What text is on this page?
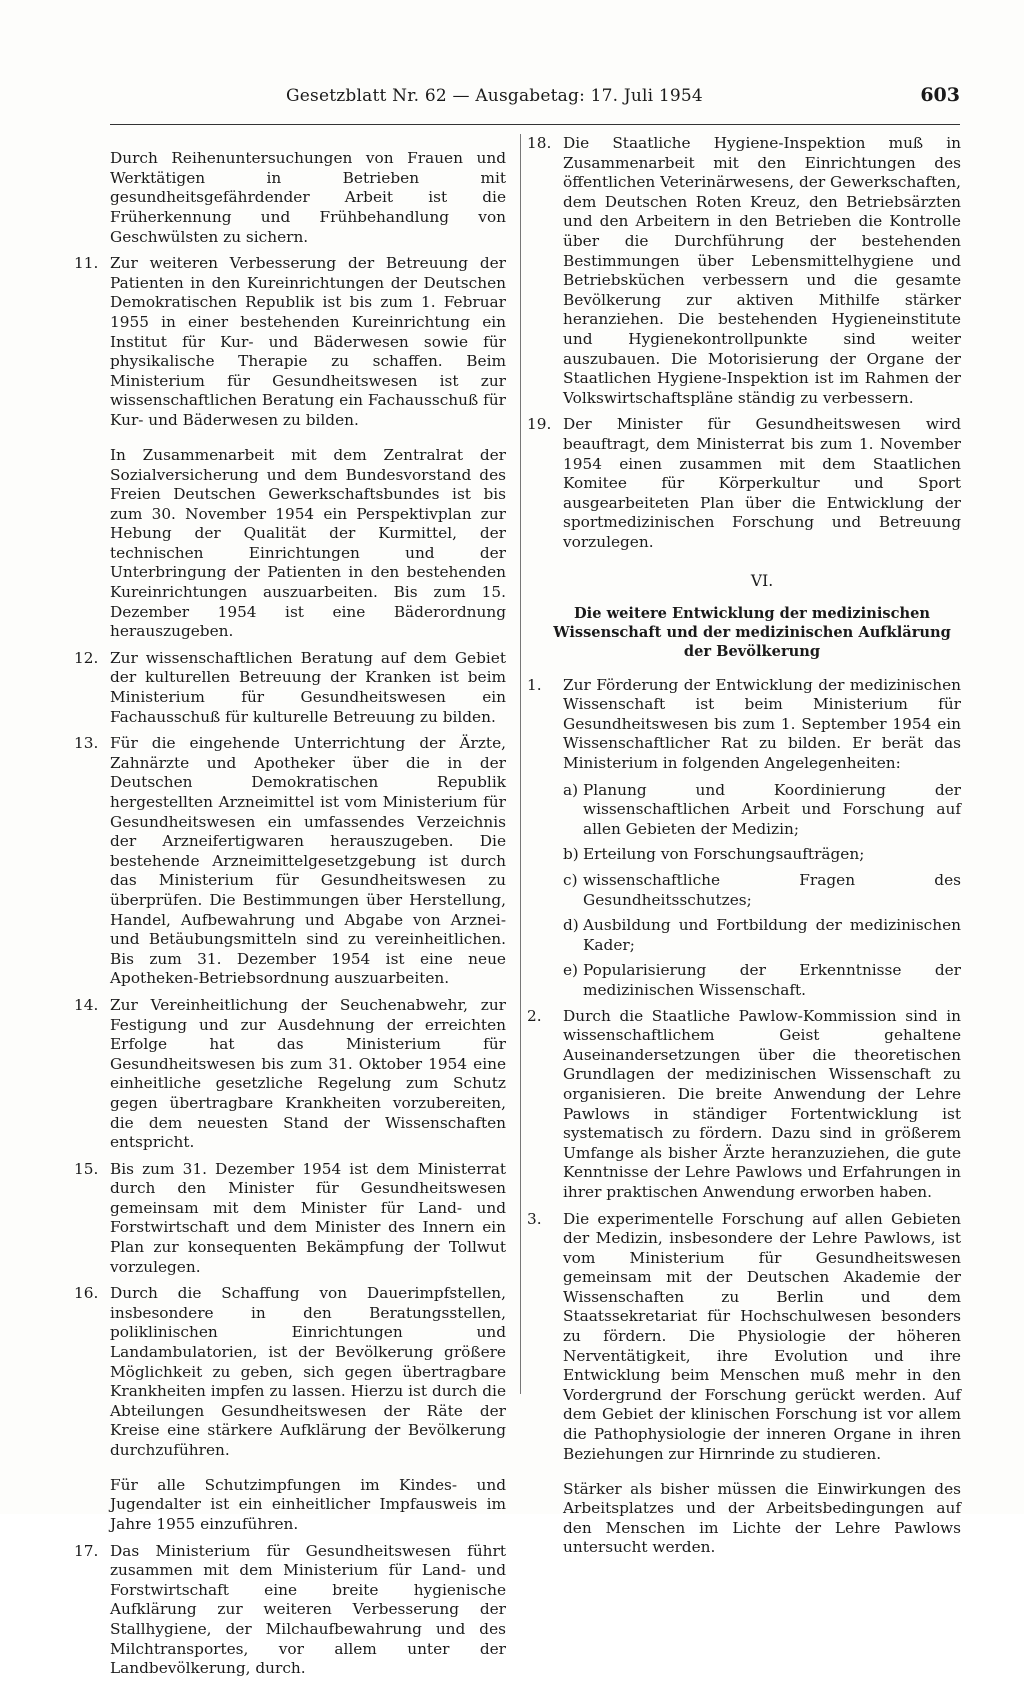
Gesetzblatt Nr. 62 — Ausgabetag: 17. Juli 1954	603

Durch Reihenuntersuchungen von Frauen und Werktätigen in Betrieben mit gesundheitsgefährdender Arbeit ist die Früherkennung und Frühbehandlung von Geschwülsten zu sichern.

11. Zur weiteren Verbesserung der Betreuung der Patienten in den Kureinrichtungen der Deutschen Demokratischen Republik ist bis zum 1. Februar 1955 in einer bestehenden Kureinrichtung ein Institut für Kur- und Bäderwesen sowie für physikalische Therapie zu schaffen. Beim Ministerium für Gesundheitswesen ist zur wissenschaftlichen Beratung ein Fachausschuß für Kur- und Bäderwesen zu bilden.

In Zusammenarbeit mit dem Zentralrat der Sozialversicherung und dem Bundesvorstand des Freien Deutschen Gewerkschaftsbundes ist bis zum 30. November 1954 ein Perspektivplan zur Hebung der Qualität der Kurmittel, der technischen Einrichtungen und der Unterbringung der Patienten in den bestehenden Kureinrichtungen auszuarbeiten. Bis zum 15. Dezember 1954 ist eine Bäderordnung herauszugeben.

12. Zur wissenschaftlichen Beratung auf dem Gebiet der kulturellen Betreuung der Kranken ist beim Ministerium für Gesundheitswesen ein Fachausschuß für kulturelle Betreuung zu bilden.
13. Für die eingehende Unterrichtung der Ärzte, Zahnärzte und Apotheker über die in der Deutschen Demokratischen Republik hergestellten Arzneimittel ist vom Ministerium für Gesundheitswesen ein umfassendes Verzeichnis der Arzneifertigwaren herauszugeben. Die bestehende Arzneimittelgesetzgebung ist durch das Ministerium für Gesundheitswesen zu überprüfen. Die Bestimmungen über Herstellung, Handel, Aufbewahrung und Abgabe von Arznei- und Betäubungsmitteln sind zu vereinheitlichen. Bis zum 31. Dezember 1954 ist eine neue Apotheken-Betriebsordnung auszuarbeiten.
14. Zur Vereinheitlichung der Seuchenabwehr, zur Festigung und zur Ausdehnung der erreichten Erfolge hat das Ministerium für Gesundheitswesen bis zum 31. Oktober 1954 eine einheitliche gesetzliche Regelung zum Schutz gegen übertragbare Krankheiten vorzubereiten, die dem neuesten Stand der Wissenschaften entspricht.
15. Bis zum 31. Dezember 1954 ist dem Ministerrat durch den Minister für Gesundheitswesen gemeinsam mit dem Minister für Land- und Forstwirtschaft und dem Minister des Innern ein Plan zur konsequenten Bekämpfung der Tollwut vorzulegen.
16. Durch die Schaffung von Dauerimpfstellen, insbesondere in den Beratungsstellen, poliklinischen Einrichtungen und Landambulatorien, ist der Bevölkerung größere Möglichkeit zu geben, sich gegen übertragbare Krankheiten impfen zu lassen. Hierzu ist durch die Abteilungen Gesundheitswesen der Räte der Kreise eine stärkere Aufklärung der Bevölkerung durchzuführen.

Für alle Schutzimpfungen im Kindes- und Jugendalter ist ein einheitlicher Impfausweis im Jahre 1955 einzuführen.

17. Das Ministerium für Gesundheitswesen führt zusammen mit dem Ministerium für Land- und Forstwirtschaft eine breite hygienische Aufklärung zur weiteren Verbesserung der Stallhygiene, der Milchaufbewahrung und des Milchtransportes, vor allem unter der Landbevölkerung, durch.
18. Die Staatliche Hygiene-Inspektion muß in Zusammenarbeit mit den Einrichtungen des öffentlichen Veterinärwesens, der Gewerkschaften, dem Deutschen Roten Kreuz, den Betriebsärzten und den Arbeitern in den Betrieben die Kontrolle über die Durchführung der bestehenden Bestimmungen über Lebensmittelhygiene und Betriebsküchen verbessern und die gesamte Bevölkerung zur aktiven Mithilfe stärker heranziehen. Die bestehenden Hygieneinstitute und Hygienekontrollpunkte sind weiter auszubauen. Die Motorisierung der Organe der Staatlichen Hygiene-Inspektion ist im Rahmen der Volkswirtschaftspläne ständig zu verbessern.
19. Der Minister für Gesundheitswesen wird beauftragt, dem Ministerrat bis zum 1. November 1954 einen zusammen mit dem Staatlichen Komitee für Körperkultur und Sport ausgearbeiteten Plan über die Entwicklung der sportmedizinischen Forschung und Betreuung vorzulegen.
VI.
Die weitere Entwicklung der medizinischen Wissenschaft und der medizinischen Aufklärung der Bevölkerung
1.	Zur Förderung der Entwicklung der medizinischen Wissenschaft ist beim Ministerium für Gesundheitswesen bis zum 1. September 1954 ein Wissenschaftlicher Rat zu bilden. Er berät das Ministerium in folgenden Angelegenheiten:
a) Planung und Koordinierung der wissenschaftlichen Arbeit und Forschung auf allen Gebieten der Medizin;
b) Erteilung von Forschungsaufträgen;
c) wissenschaftliche Fragen des Gesundheitsschutzes;
d) Ausbildung und Fortbildung der medizinischen Kader;
e) Popularisierung der Erkenntnisse der medizinischen Wissenschaft.
2.	Durch die Staatliche Pawlow-Kommission sind in wissenschaftlichem Geist gehaltene Auseinandersetzungen über die theoretischen Grundlagen der medizinischen Wissenschaft zu organisieren. Die breite Anwendung der Lehre Pawlows in ständiger Fortentwicklung ist systematisch zu fördern. Dazu sind in größerem Umfange als bisher Ärzte heranzuziehen, die gute Kenntnisse der Lehre Pawlows und Erfahrungen in ihrer praktischen Anwendung erworben haben.
3.	Die experimentelle Forschung auf allen Gebieten der Medizin, insbesondere der Lehre Pawlows, ist vom Ministerium für Gesundheitswesen gemeinsam mit der Deutschen Akademie der Wissenschaften zu Berlin und dem Staatssekretariat für Hochschulwesen besonders zu fördern. Die Physiologie der höheren Nerventätigkeit, ihre Evolution und ihre Entwicklung beim Menschen muß mehr in den Vordergrund der Forschung gerückt werden. Auf dem Gebiet der klinischen Forschung ist vor allem die Pathophysiologie der inneren Organe in ihren Beziehungen zur Hirnrinde zu studieren.

Stärker als bisher müssen die Einwirkungen des Arbeitsplatzes und der Arbeitsbedingungen auf den Menschen im Lichte der Lehre Pawlows untersucht werden.
